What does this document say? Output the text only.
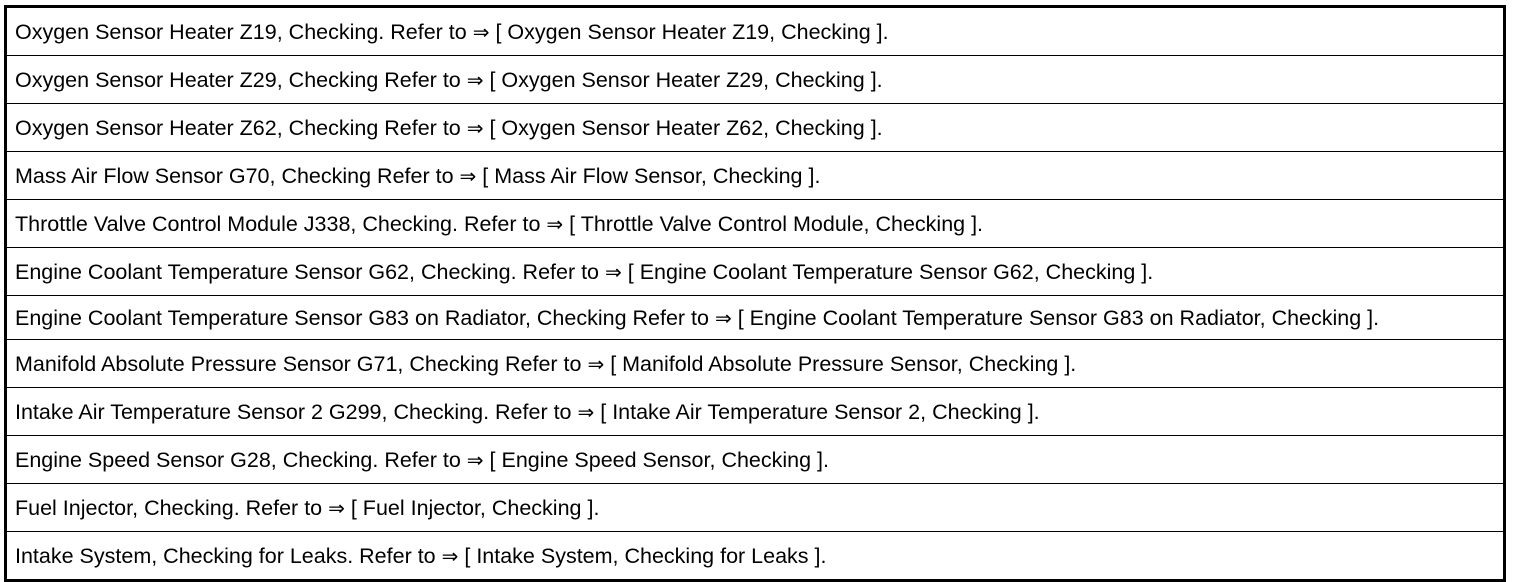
Oxygen Sensor Heater Z19, Checking. Refer to ⇒ [ Oxygen Sensor Heater Z19, Checking ].
Oxygen Sensor Heater Z29, Checking Refer to ⇒ [ Oxygen Sensor Heater Z29, Checking ].
Oxygen Sensor Heater Z62, Checking Refer to ⇒ [ Oxygen Sensor Heater Z62, Checking ].
Mass Air Flow Sensor G70, Checking Refer to ⇒ [ Mass Air Flow Sensor, Checking ].
Throttle Valve Control Module J338, Checking. Refer to ⇒ [ Throttle Valve Control Module, Checking ].
Engine Coolant Temperature Sensor G62, Checking. Refer to ⇒ [ Engine Coolant Temperature Sensor G62, Checking ].
Engine Coolant Temperature Sensor G83 on Radiator, Checking Refer to ⇒ [ Engine Coolant Temperature Sensor G83 on Radiator, Checking ].
Manifold Absolute Pressure Sensor G71, Checking Refer to ⇒ [ Manifold Absolute Pressure Sensor, Checking ].
Intake Air Temperature Sensor 2 G299, Checking. Refer to ⇒ [ Intake Air Temperature Sensor 2, Checking ].
Engine Speed Sensor G28, Checking. Refer to ⇒ [ Engine Speed Sensor, Checking ].
Fuel Injector, Checking. Refer to ⇒ [ Fuel Injector, Checking ].
Intake System, Checking for Leaks. Refer to ⇒ [ Intake System, Checking for Leaks ].
